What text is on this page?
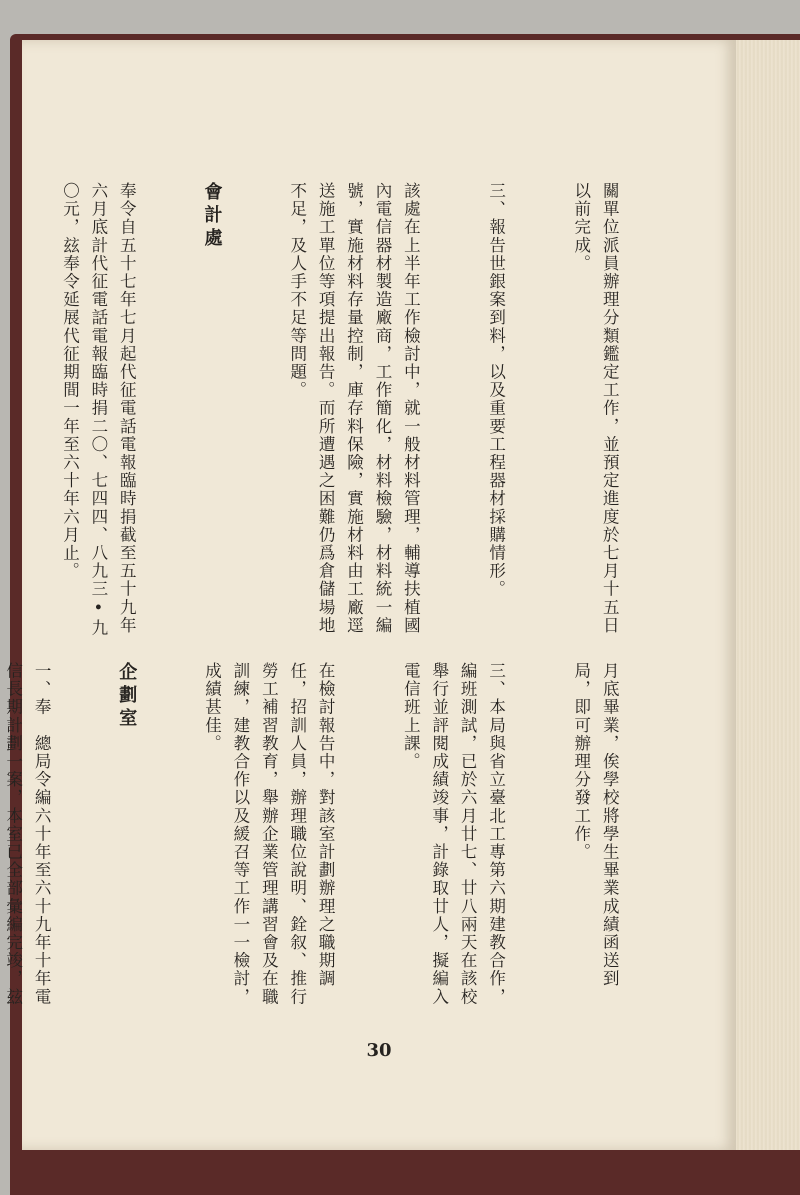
關單位派員辦理分類鑑定工作，並預定進度於七月十五日以前完成。

三、報告世銀案到料，以及重要工程器材採購情形。

該處在上半年工作檢討中，就一般材料管理，輔導扶植國內電信器材製造廠商，工作簡化，材料檢驗，材料統一編號，實施材料存量控制，庫存料保險，實施材料由工廠逕送施工單位等項提出報告。而所遭遇之困難仍爲倉儲場地不足，及人手不足等問題。

會計處

奉令自五十七年七月起代征電話電報臨時捐截至五十九年六月底計代征電話電報臨時捐二〇、七四四、八九三•九〇元，玆奉令延展代征期間一年至六十年六月止。

月底畢業，俟學校將學生畢業成績函送到局，即可辦理分發工作。

三、本局與省立臺北工專第六期建教合作，編班測試，已於六月廿七、廿八兩天在該校舉行並評閱成績竣事，計錄取廿人，擬編入電信班上課。

在檢討報告中，對該室計劃辦理之職期調任，招訓人員，辦理職位說明、銓叙、推行勞工補習教育，舉辦企業管理講習會及在職訓練，建教合作以及緩召等工作一一檢討，成績甚佳。

企劃室

一、奉　總局令編六十年至六十九年十年電信長期計劃一案，本室已全部彙編完竣，玆

30
